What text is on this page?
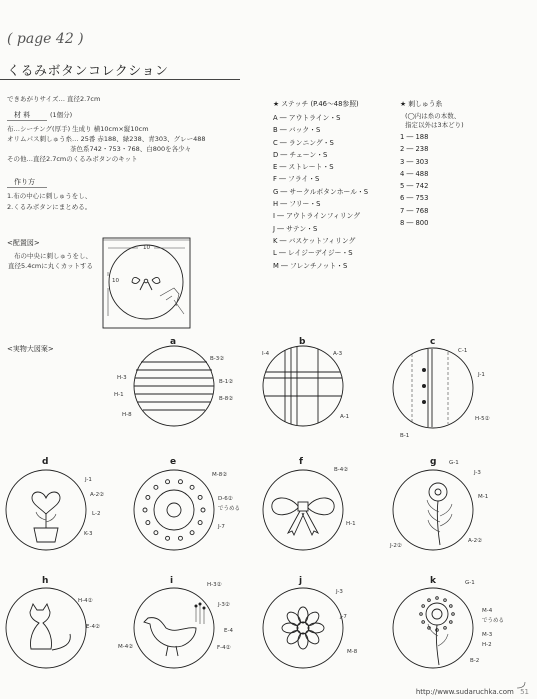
( page 42 )
くるみボタンコレクション
できあがりサイズ… 直径2.7cm
材 料	(1個分)
布…シーチング(厚手) 生成り 横10cm×縦10cm
オリムパス刺しゅう糸… 25番 赤188、緑238、青303、グレー488
茶色系742・753・768、白800を各少々
その他…直径2.7cmのくるみボタンのキット
作り方
1.布の中心に刺しゅうをし、
2.くるみボタンにまとめる。
<配置図>
布の中央に刺しゅうをし、
直径5.4cmに丸くカットする
10
10
<実物大図案>
★ ステッチ (P.46〜48参照)
A ― アウトライン・S
B ― バック・S
C ― ランニング・S
D ― チェーン・S
E ― ストレート・S
F ― フライ・S
G ― サークルボタンホール・S
H ― フリー・S
I ― アウトラインフィリング
J ― サテン・S
K ― バスケットフィリング
L ― レイジーデイジー・S
M ― フレンチノット・S
★ 刺しゅう糸
(◯内は糸の本数、
指定以外は3本どり)
1 ― 188
2 ― 238
3 ― 303
4 ― 488
5 ― 742
6 ― 753
7 ― 768
8 ― 800
a	b	c
d	e	f	g
h	i	j	k
B-3②
H-3
B-1②
H-1
B-8②
H-8
I-4	A-3
A-1
C-1
J-1
H-5②
B-1
J-1
A-2②
L-2
K-3
M-8②
D-6②
でうめる
J-7
B-4②
H-1
G-1
J-3
M-1
J-2②
A-2②
H-4②
E-4②
H-3②
J-3②
E-4
M-4②	F-4②
J-3
J-7
M-8
G-1
M-4
でうめる
M-3
H-2
B-2
http://www.sudaruchka.com 51
